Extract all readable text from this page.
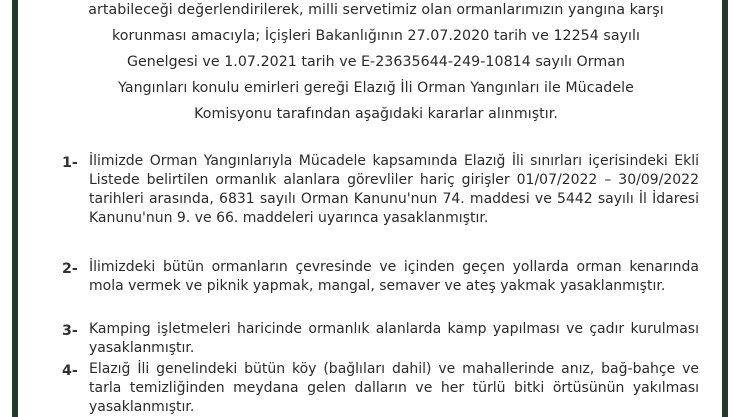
artabileceği değerlendirilerek, milli servetimiz olan ormanlarımızın yangına karşı
korunması amacıyla; İçişleri Bakanlığının 27.07.2020 tarih ve 12254 sayılı
Genelgesi ve 1.07.2021 tarih ve E-23635644-249-10814 sayılı Orman
Yangınları konulu emirleri gereği Elazığ İli Orman Yangınları ile Mücadele
Komisyonu tarafından aşağıdaki kararlar alınmıştır.
1- İlimizde Orman Yangınlarıyla Mücadele kapsamında Elazığ İli sınırları içerisindeki Ekli Listede belirtilen ormanlık alanlara görevliler hariç girişler 01/07/2022 – 30/09/2022 tarihleri arasında, 6831 sayılı Orman Kanunu'nun 74. maddesi ve 5442 sayılı İl İdaresi Kanunu'nun 9. ve 66. maddeleri uyarınca yasaklanmıştır.
2- İlimizdeki bütün ormanların çevresinde ve içinden geçen yollarda orman kenarında mola vermek ve piknik yapmak, mangal, semaver ve ateş yakmak yasaklanmıştır.
3- Kamping işletmeleri haricinde ormanlık alanlarda kamp yapılması ve çadır kurulması yasaklanmıştır.
4- Elazığ İli genelindeki bütün köy (bağlıları dahil) ve mahallerinde anız, bağ-bahçe ve tarla temizliğinden meydana gelen dalların ve her türlü bitki örtüsünün yakılması yasaklanmıştır.
